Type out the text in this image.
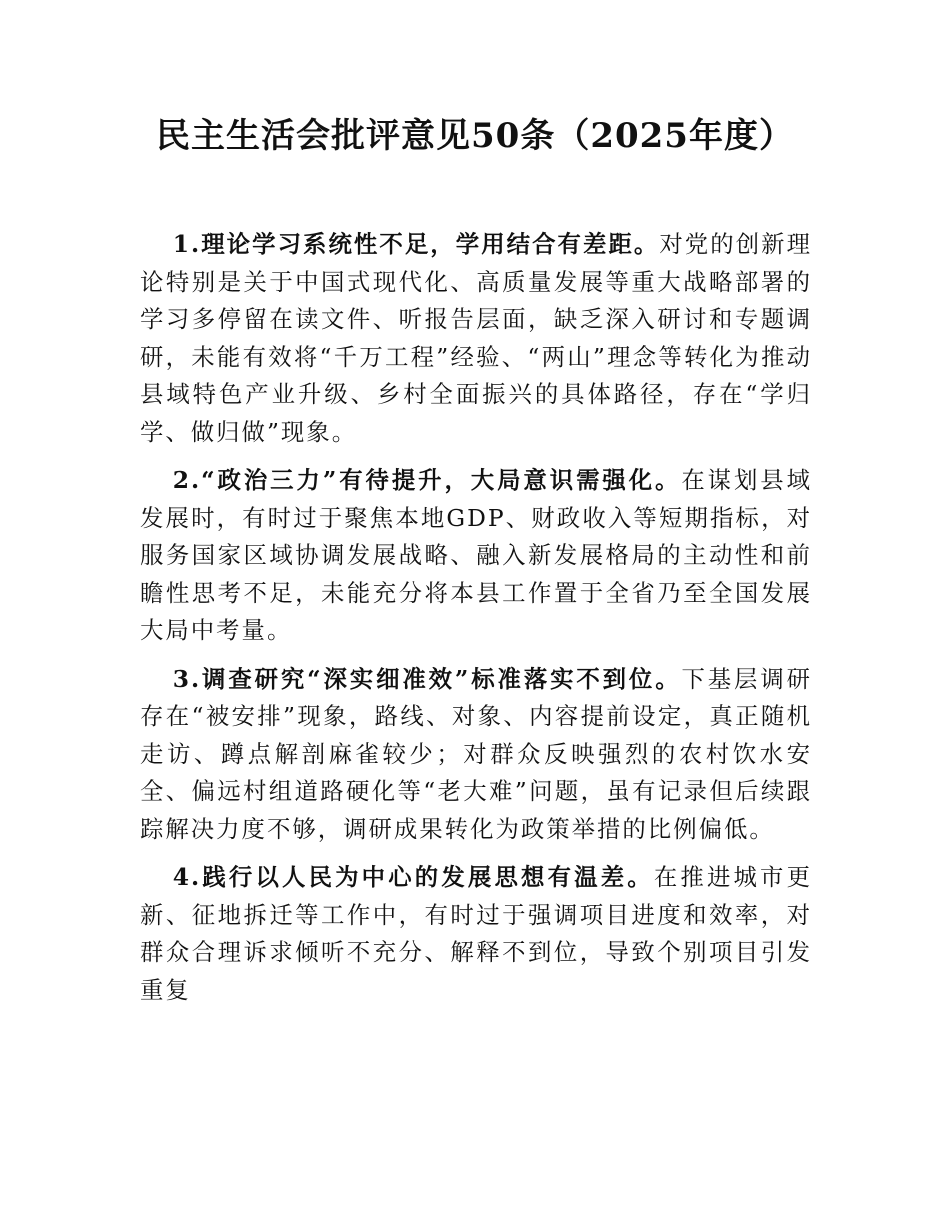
民主生活会批评意见50条（2025年度）

1.理论学习系统性不足，学用结合有差距。对党的创新理论特别是关于中国式现代化、高质量发展等重大战略部署的学习多停留在读文件、听报告层面，缺乏深入研讨和专题调研，未能有效将“千万工程”经验、“两山”理念等转化为推动县域特色产业升级、乡村全面振兴的具体路径，存在“学归学、做归做”现象。

2.“政治三力”有待提升，大局意识需强化。在谋划县域发展时，有时过于聚焦本地GDP、财政收入等短期指标，对服务国家区域协调发展战略、融入新发展格局的主动性和前瞻性思考不足，未能充分将本县工作置于全省乃至全国发展大局中考量。

3.调查研究“深实细准效”标准落实不到位。下基层调研存在“被安排”现象，路线、对象、内容提前设定，真正随机走访、蹲点解剖麻雀较少；对群众反映强烈的农村饮水安全、偏远村组道路硬化等“老大难”问题，虽有记录但后续跟踪解决力度不够，调研成果转化为政策举措的比例偏低。

4.践行以人民为中心的发展思想有温差。在推进城市更新、征地拆迁等工作中，有时过于强调项目进度和效率，对群众合理诉求倾听不充分、解释不到位，导致个别项目引发重复
